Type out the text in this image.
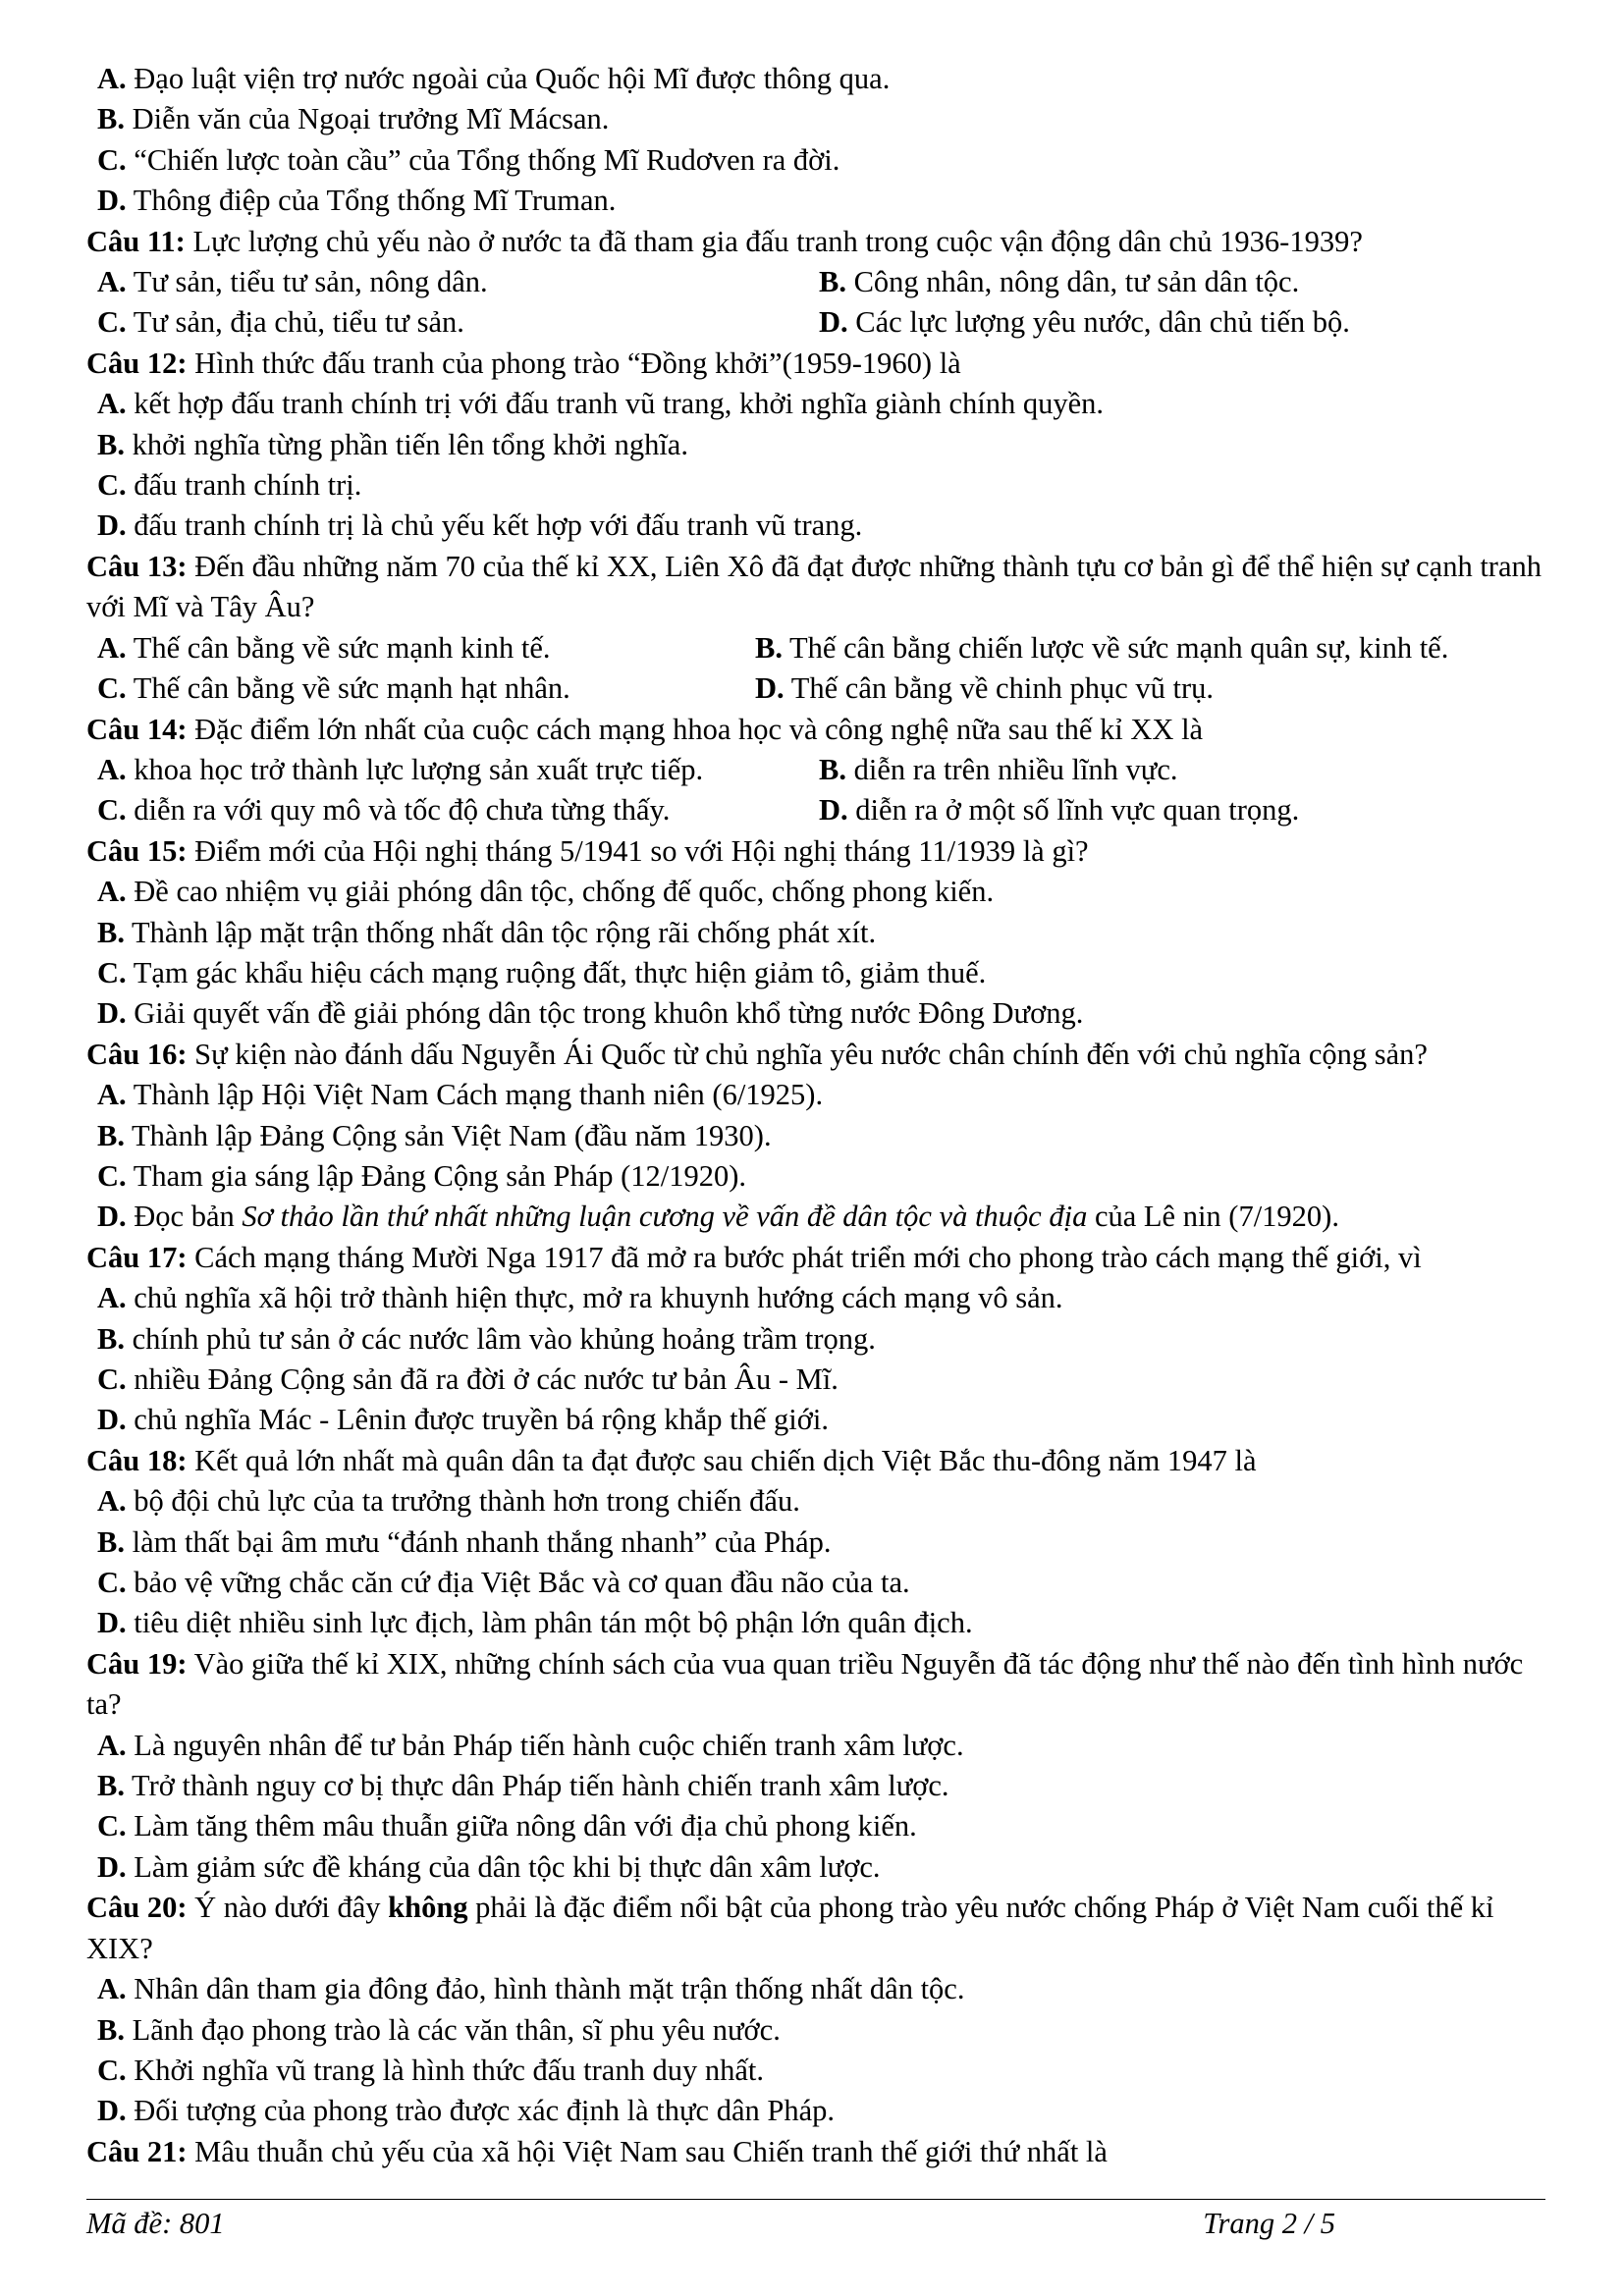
A. Đạo luật viện trợ nước ngoài của Quốc hội Mĩ được thông qua.
B. Diễn văn của Ngoại trưởng Mĩ Mácsan.
C. “Chiến lược toàn cầu” của Tổng thống Mĩ Rudơven ra đời.
D. Thông điệp của Tổng thống Mĩ Truman.
Câu 11: Lực lượng chủ yếu nào ở nước ta đã tham gia đấu tranh trong cuộc vận động dân chủ 1936-1939?
A. Tư sản, tiểu tư sản, nông dân.	B. Công nhân, nông dân, tư sản dân tộc.
C. Tư sản, địa chủ, tiểu tư sản.	D. Các lực lượng yêu nước, dân chủ tiến bộ.
Câu 12: Hình thức đấu tranh của phong trào “Đồng khởi”(1959-1960) là
A. kết hợp đấu tranh chính trị với đấu tranh vũ trang, khởi nghĩa giành chính quyền.
B. khởi nghĩa từng phần tiến lên tổng khởi nghĩa.
C. đấu tranh chính trị.
D. đấu tranh chính trị là chủ yếu kết hợp với đấu tranh vũ trang.
Câu 13: Đến đầu những năm 70 của thế kỉ XX, Liên Xô đã đạt được những thành tựu cơ bản gì để thể hiện sự cạnh tranh với Mĩ và Tây Âu?
A. Thế cân bằng về sức mạnh kinh tế.	B. Thế cân bằng chiến lược về sức mạnh quân sự, kinh tế.
C. Thế cân bằng về sức mạnh hạt nhân.	D. Thế cân bằng về chinh phục vũ trụ.
Câu 14: Đặc điểm lớn nhất của cuộc cách mạng hhoa học và công nghệ nữa sau thế kỉ XX là
A. khoa học trở thành lực lượng sản xuất trực tiếp.	B. diễn ra trên nhiều lĩnh vực.
C. diễn ra với quy mô và tốc độ chưa từng thấy.	D. diễn ra ở một số lĩnh vực quan trọng.
Câu 15: Điểm mới của Hội nghị tháng 5/1941 so với Hội nghị tháng 11/1939 là gì?
A. Đề cao nhiệm vụ giải phóng dân tộc, chống đế quốc, chống phong kiến.
B. Thành lập mặt trận thống nhất dân tộc rộng rãi chống phát xít.
C. Tạm gác khẩu hiệu cách mạng ruộng đất, thực hiện giảm tô, giảm thuế.
D. Giải quyết vấn đề giải phóng dân tộc trong khuôn khổ từng nước Đông Dương.
Câu 16: Sự kiện nào đánh dấu Nguyễn Ái Quốc từ chủ nghĩa yêu nước chân chính đến với chủ nghĩa cộng sản?
A. Thành lập Hội Việt Nam Cách mạng thanh niên (6/1925).
B. Thành lập Đảng Cộng sản Việt Nam (đầu năm 1930).
C. Tham gia sáng lập Đảng Cộng sản Pháp (12/1920).
D. Đọc bản Sơ thảo lần thứ nhất những luận cương về vấn đề dân tộc và thuộc địa của Lê nin (7/1920).
Câu 17: Cách mạng tháng Mười Nga 1917 đã mở ra bước phát triển mới cho phong trào cách mạng thế giới, vì
A. chủ nghĩa xã hội trở thành hiện thực, mở ra khuynh hướng cách mạng vô sản.
B. chính phủ tư sản ở các nước lâm vào khủng hoảng trầm trọng.
C. nhiều Đảng Cộng sản đã ra đời ở các nước tư bản Âu - Mĩ.
D. chủ nghĩa Mác - Lênin được truyền bá rộng khắp thế giới.
Câu 18: Kết quả lớn nhất mà quân dân ta đạt được sau chiến dịch Việt Bắc thu-đông năm 1947 là
A. bộ đội chủ lực của ta trưởng thành hơn trong chiến đấu.
B. làm thất bại âm mưu “đánh nhanh thắng nhanh” của Pháp.
C. bảo vệ vững chắc căn cứ địa Việt Bắc và cơ quan đầu não của ta.
D. tiêu diệt nhiều sinh lực địch, làm phân tán một bộ phận lớn quân địch.
Câu 19: Vào giữa thế kỉ XIX, những chính sách của vua quan triều Nguyễn đã tác động như thế nào đến tình hình nước ta?
A. Là nguyên nhân để tư bản Pháp tiến hành cuộc chiến tranh xâm lược.
B. Trở thành nguy cơ bị thực dân Pháp tiến hành chiến tranh xâm lược.
C. Làm tăng thêm mâu thuẫn giữa nông dân với địa chủ phong kiến.
D. Làm giảm sức đề kháng của dân tộc khi bị thực dân xâm lược.
Câu 20: Ý nào dưới đây không phải là đặc điểm nổi bật của phong trào yêu nước chống Pháp ở Việt Nam cuối thế kỉ XIX?
A. Nhân dân tham gia đông đảo, hình thành mặt trận thống nhất dân tộc.
B. Lãnh đạo phong trào là các văn thân, sĩ phu yêu nước.
C. Khởi nghĩa vũ trang là hình thức đấu tranh duy nhất.
D. Đối tượng của phong trào được xác định là thực dân Pháp.
Câu 21: Mâu thuẫn chủ yếu của xã hội Việt Nam sau Chiến tranh thế giới thứ nhất là
Mã đề: 801	Trang 2 / 5
